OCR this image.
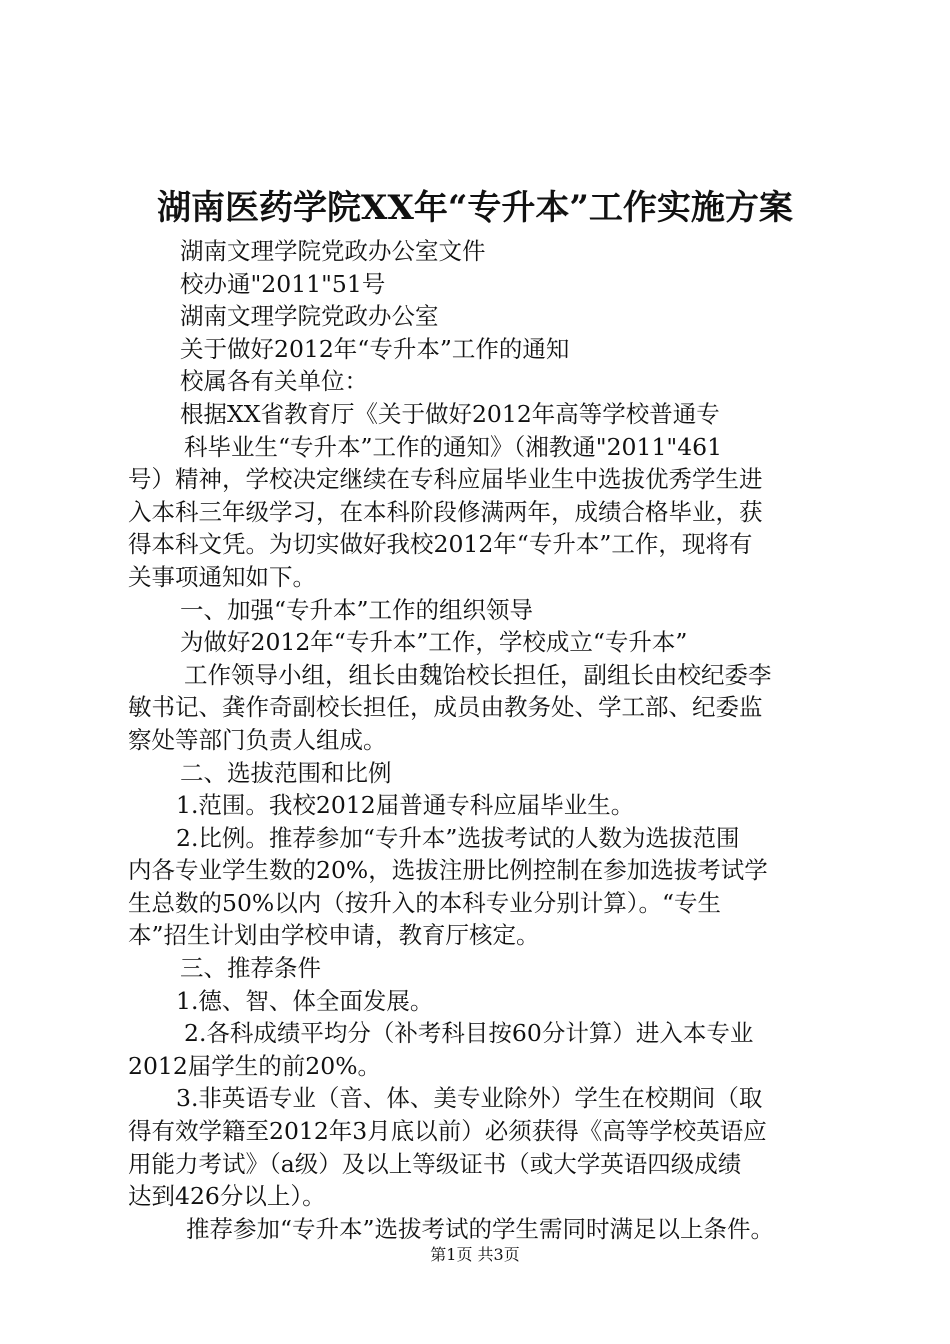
湖南医药学院XX年“专升本”工作实施方案
湖南文理学院党政办公室文件
校办通"2011"51号
湖南文理学院党政办公室
关于做好2012年“专升本”工作的通知
校属各有关单位：
根据XX省教育厅《关于做好2012年高等学校普通专
科毕业生“专升本”工作的通知》（湘教通"2011"461
号）精神，学校决定继续在专科应届毕业生中选拔优秀学生进
入本科三年级学习，在本科阶段修满两年，成绩合格毕业，获
得本科文凭。为切实做好我校2012年“专升本”工作，现将有
关事项通知如下。
一、加强“专升本”工作的组织领导
为做好2012年“专升本”工作，学校成立“专升本”
工作领导小组，组长由魏饴校长担任，副组长由校纪委李
敏书记、龚作奇副校长担任，成员由教务处、学工部、纪委监
察处等部门负责人组成。
二、选拔范围和比例
1.范围。我校2012届普通专科应届毕业生。
2.比例。推荐参加“专升本”选拔考试的人数为选拔范围
内各专业学生数的20%，选拔注册比例控制在参加选拔考试学
生总数的50%以内（按升入的本科专业分别计算）。“专生
本”招生计划由学校申请，教育厅核定。
三、推荐条件
1.德、智、体全面发展。
2.各科成绩平均分（补考科目按60分计算）进入本专业
2012届学生的前20%。
3.非英语专业（音、体、美专业除外）学生在校期间（取
得有效学籍至2012年3月底以前）必须获得《高等学校英语应
用能力考试》（a级）及以上等级证书（或大学英语四级成绩
达到426分以上）。
推荐参加“专升本”选拔考试的学生需同时满足以上条件。
第1页 共3页
